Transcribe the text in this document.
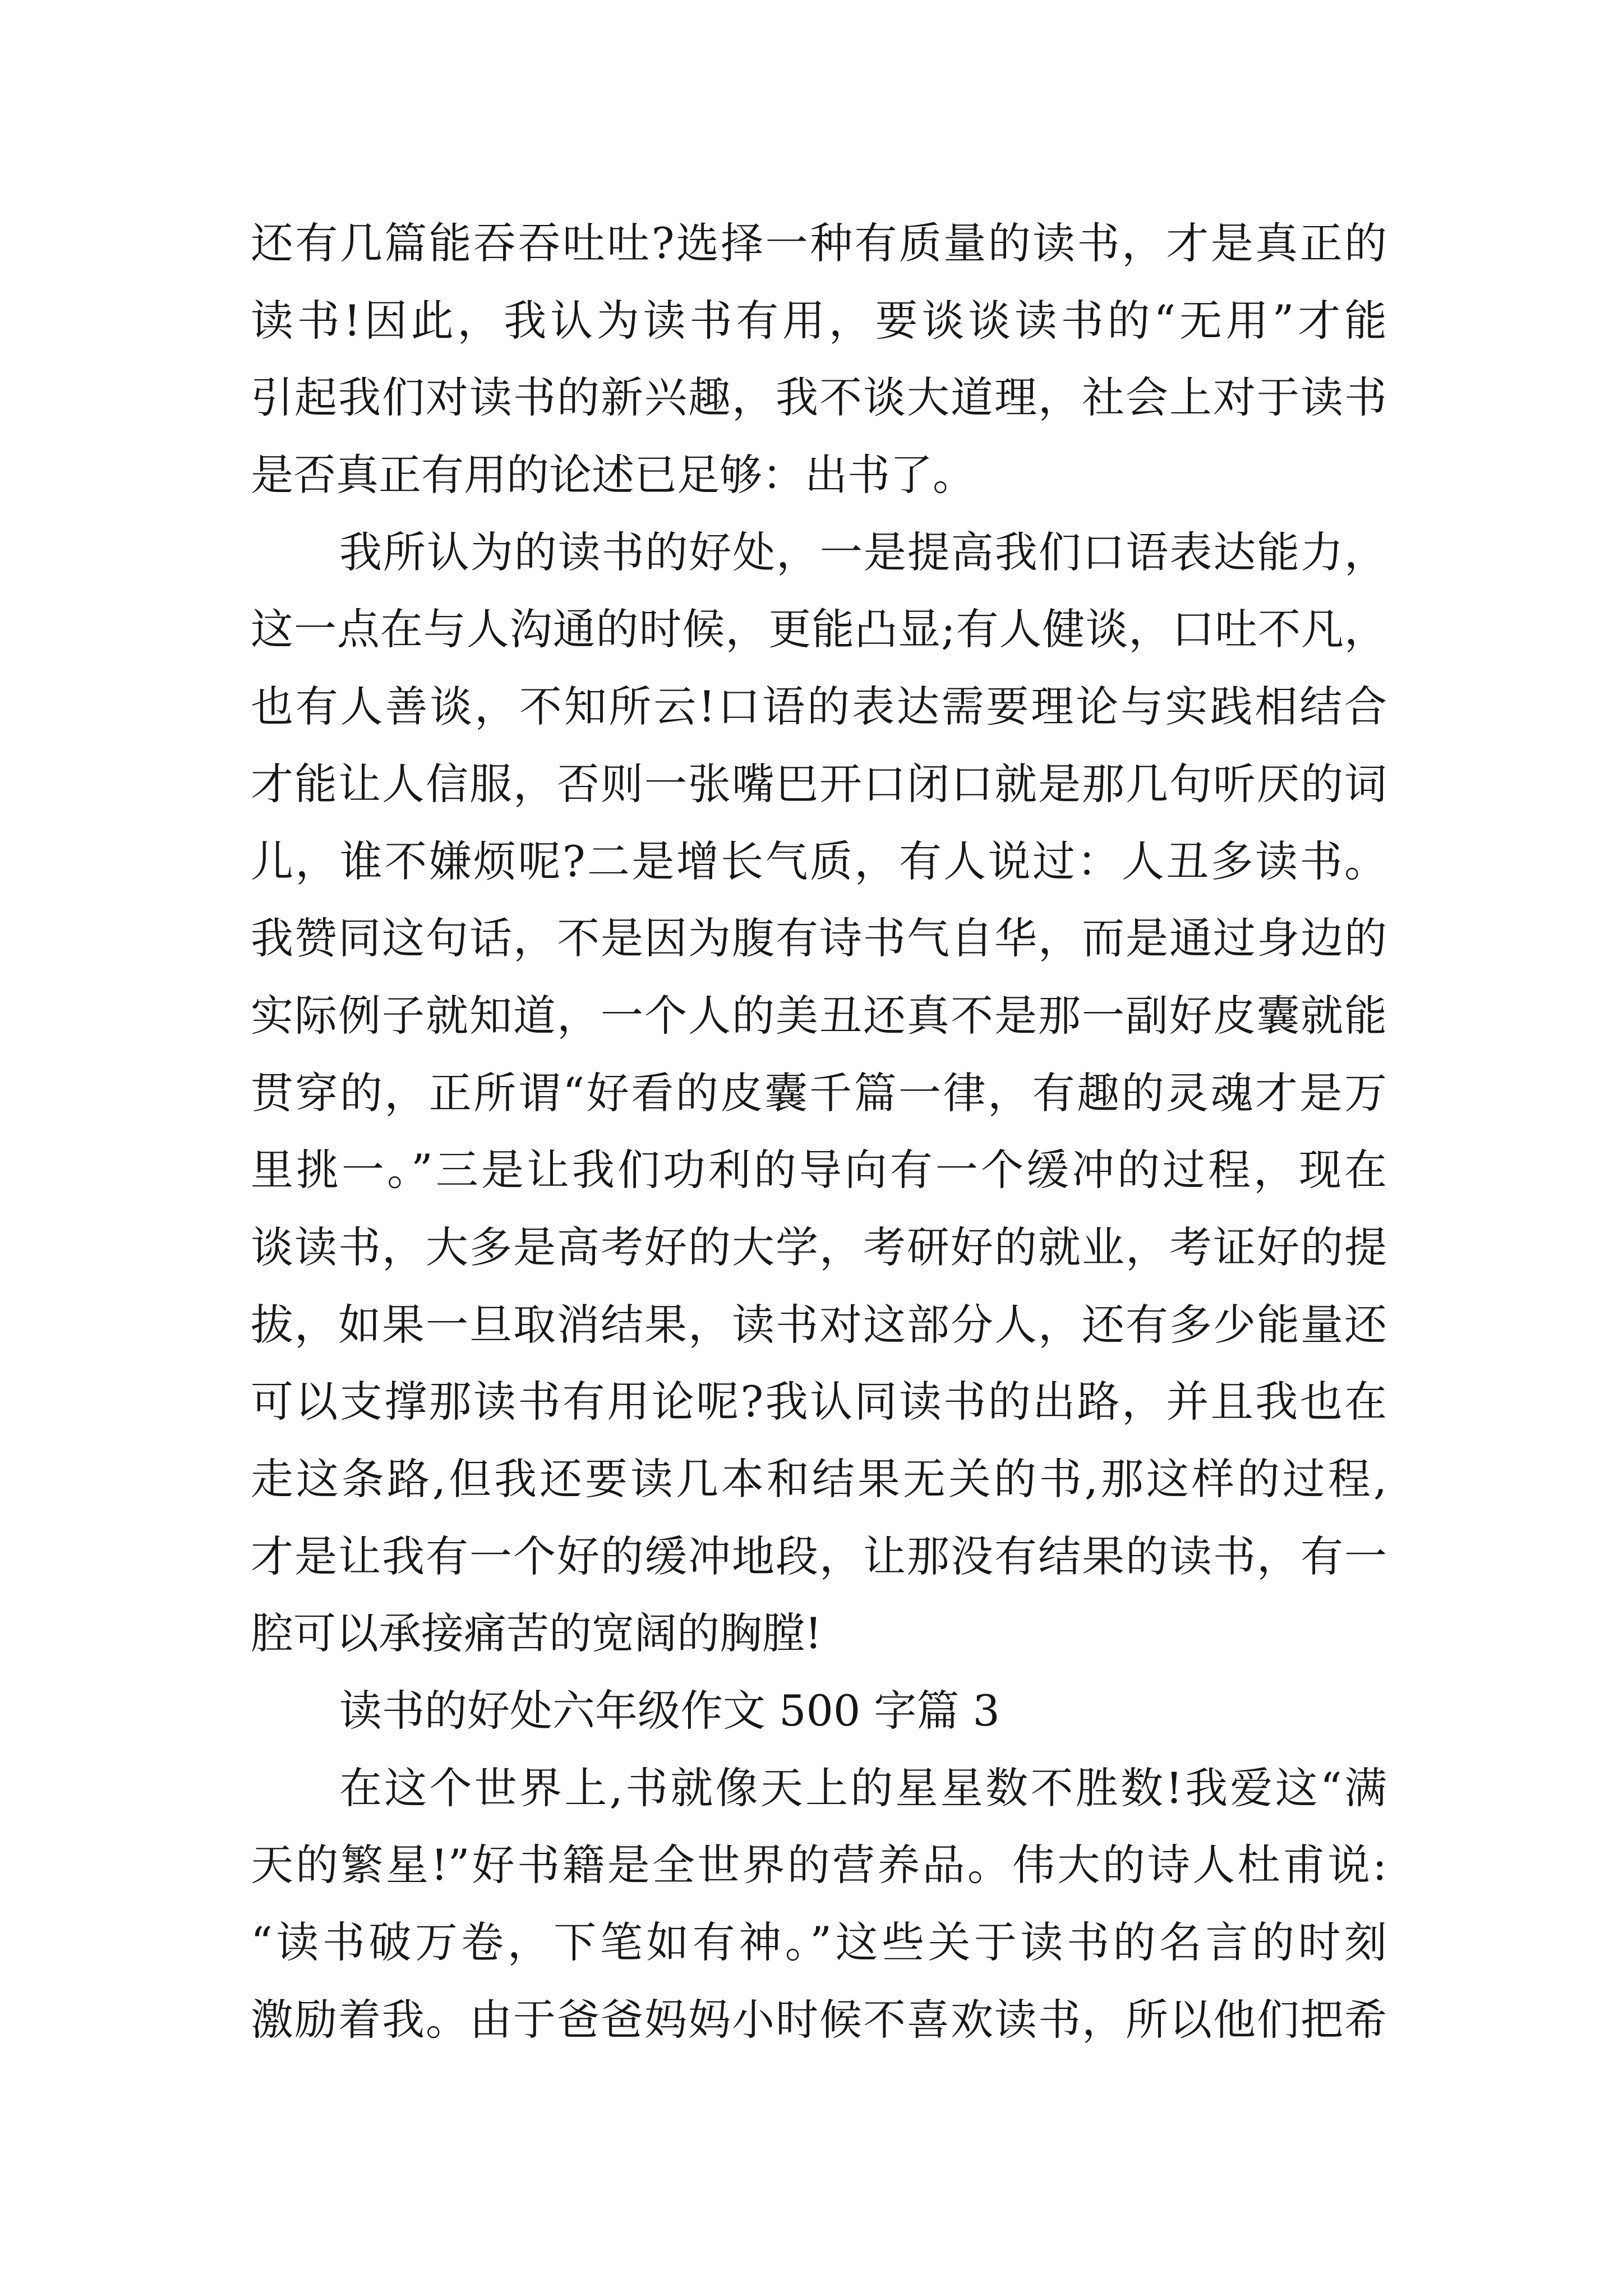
还有几篇能吞吞吐吐?选择一种有质量的读书，才是真正的
读书!因此，我认为读书有用，要谈谈读书的“无用”才能
引起我们对读书的新兴趣，我不谈大道理，社会上对于读书
是否真正有用的论述已足够：出书了。
我所认为的读书的好处，一是提高我们口语表达能力，
这一点在与人沟通的时候，更能凸显;有人健谈，口吐不凡，
也有人善谈，不知所云!口语的表达需要理论与实践相结合
才能让人信服，否则一张嘴巴开口闭口就是那几句听厌的词
儿，谁不嫌烦呢?二是增长气质，有人说过：人丑多读书。
我赞同这句话，不是因为腹有诗书气自华，而是通过身边的
实际例子就知道，一个人的美丑还真不是那一副好皮囊就能
贯穿的，正所谓“好看的皮囊千篇一律，有趣的灵魂才是万
里挑一。”三是让我们功利的导向有一个缓冲的过程，现在
谈读书，大多是高考好的大学，考研好的就业，考证好的提
拔，如果一旦取消结果，读书对这部分人，还有多少能量还
可以支撑那读书有用论呢?我认同读书的出路，并且我也在
走这条路,但我还要读几本和结果无关的书,那这样的过程,
才是让我有一个好的缓冲地段，让那没有结果的读书，有一
腔可以承接痛苦的宽阔的胸膛!
读书的好处六年级作文 500 字篇 3
在这个世界上,书就像天上的星星数不胜数!我爱这“满
天的繁星!”好书籍是全世界的营养品。伟大的诗人杜甫说:
“读书破万卷，下笔如有神。”这些关于读书的名言的时刻
激励着我。由于爸爸妈妈小时候不喜欢读书，所以他们把希
